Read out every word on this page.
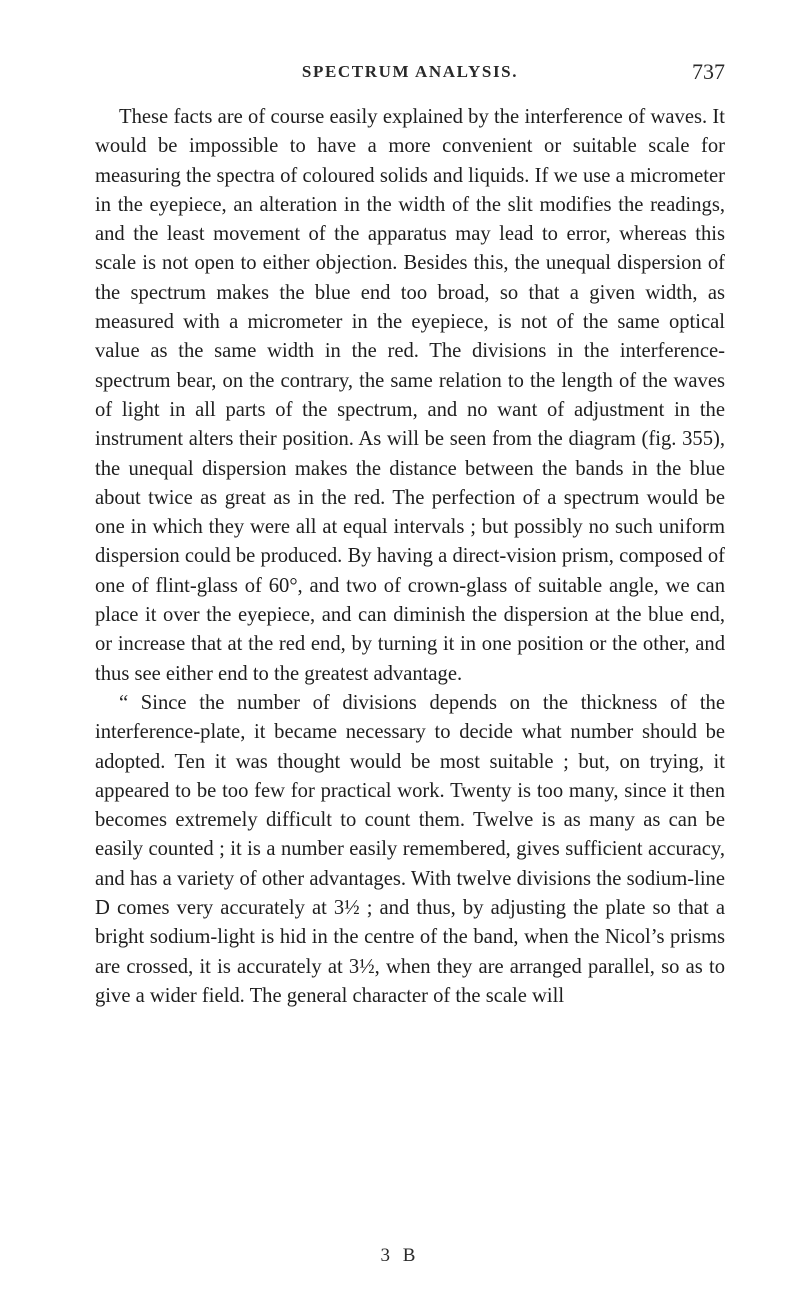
SPECTRUM ANALYSIS.	737

These facts are of course easily explained by the interference of waves. It would be impossible to have a more convenient or suitable scale for measuring the spectra of coloured solids and liquids. If we use a micrometer in the eyepiece, an alteration in the width of the slit modifies the readings, and the least movement of the apparatus may lead to error, whereas this scale is not open to either objection. Besides this, the unequal dispersion of the spectrum makes the blue end too broad, so that a given width, as measured with a micrometer in the eyepiece, is not of the same optical value as the same width in the red. The divisions in the interference-spectrum bear, on the contrary, the same relation to the length of the waves of light in all parts of the spectrum, and no want of adjustment in the instrument alters their position. As will be seen from the diagram (fig. 355), the unequal dispersion makes the distance between the bands in the blue about twice as great as in the red. The perfection of a spectrum would be one in which they were all at equal intervals ; but possibly no such uniform dispersion could be produced. By having a direct-vision prism, composed of one of flint-glass of 60°, and two of crown-glass of suitable angle, we can place it over the eyepiece, and can diminish the dispersion at the blue end, or increase that at the red end, by turning it in one position or the other, and thus see either end to the greatest advantage.

“ Since the number of divisions depends on the thickness of the interference-plate, it became necessary to decide what number should be adopted. Ten it was thought would be most suitable ; but, on trying, it appeared to be too few for practical work. Twenty is too many, since it then becomes extremely difficult to count them. Twelve is as many as can be easily counted ; it is a number easily remembered, gives sufficient accuracy, and has a variety of other advantages. With twelve divisions the sodium-line D comes very accurately at 3½ ; and thus, by adjusting the plate so that a bright sodium-light is hid in the centre of the band, when the Nicol’s prisms are crossed, it is accurately at 3½, when they are arranged parallel, so as to give a wider field. The general character of the scale will

3 B
